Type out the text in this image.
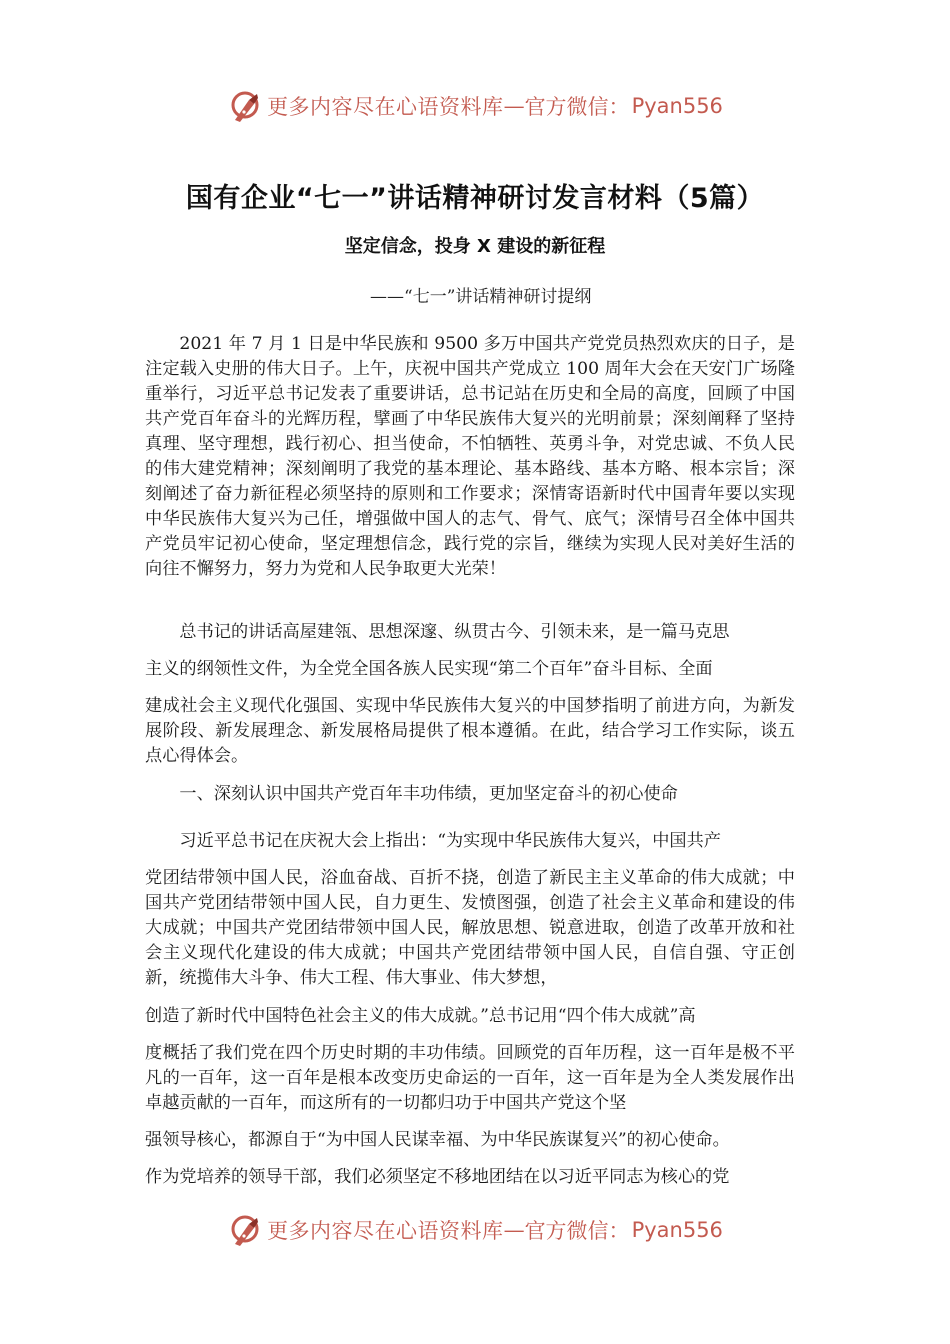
更多内容尽在心语资料库 — 官方微信： Pyan556
国有企业“七一”讲话精神研讨发言材料（5篇）
坚定信念，投身 X 建设的新征程
——“七一”讲话精神研讨提纲

2021 年 7 月 1 日是中华民族和 9500 多万中国共产党党员热烈欢庆的日子，是注定载入史册的伟大日子。上午，庆祝中国共产党成立 100 周年大会在天安门广场隆重举行，习近平总书记发表了重要讲话，总书记站在历史和全局的高度，回顾了中国共产党百年奋斗的光辉历程，擘画了中华民族伟大复兴的光明前景；深刻阐释了坚持真理、坚守理想，践行初心、担当使命，不怕牺牲、英勇斗争，对党忠诚、不负人民的伟大建党精神；深刻阐明了我党的基本理论、基本路线、基本方略、根本宗旨；深刻阐述了奋力新征程必须坚持的原则和工作要求；深情寄语新时代中国青年要以实现中华民族伟大复兴为己任，增强做中国人的志气、骨气、底气；深情号召全体中国共产党员牢记初心使命，坚定理想信念，践行党的宗旨，继续为实现人民对美好生活的向往不懈努力，努力为党和人民争取更大光荣！

总书记的讲话高屋建瓴、思想深邃、纵贯古今、引领未来，是一篇马克思

主义的纲领性文件，为全党全国各族人民实现“第二个百年”奋斗目标、全面

建成社会主义现代化强国、实现中华民族伟大复兴的中国梦指明了前进方向，为新发展阶段、新发展理念、新发展格局提供了根本遵循。在此，结合学习工作实际，谈五点心得体会。

一、深刻认识中国共产党百年丰功伟绩，更加坚定奋斗的初心使命

习近平总书记在庆祝大会上指出：“为实现中华民族伟大复兴，中国共产

党团结带领中国人民，浴血奋战、百折不挠，创造了新民主主义革命的伟大成就；中国共产党团结带领中国人民，自力更生、发愤图强，创造了社会主义革命和建设的伟大成就；中国共产党团结带领中国人民，解放思想、锐意进取，创造了改革开放和社会主义现代化建设的伟大成就；中国共产党团结带领中国人民，自信自强、守正创新，统揽伟大斗争、伟大工程、伟大事业、伟大梦想，

创造了新时代中国特色社会主义的伟大成就。”总书记用“四个伟大成就”高

度概括了我们党在四个历史时期的丰功伟绩。回顾党的百年历程，这一百年是极不平凡的一百年，这一百年是根本改变历史命运的一百年，这一百年是为全人类发展作出卓越贡献的一百年，而这所有的一切都归功于中国共产党这个坚

强领导核心，都源自于“为中国人民谋幸福、为中华民族谋复兴”的初心使命。

作为党培养的领导干部，我们必须坚定不移地团结在以习近平同志为核心的党

更多内容尽在心语资料库 — 官方微信： Pyan556
